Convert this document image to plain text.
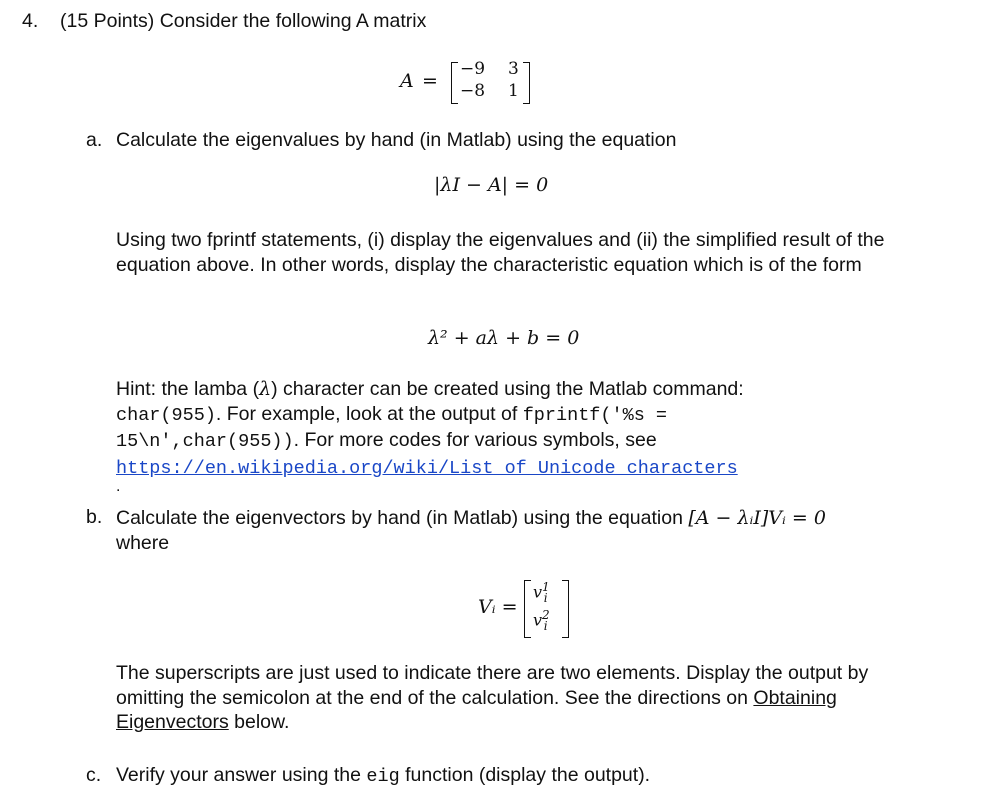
4. (15 Points) Consider the following A matrix
A =
−9 3
−8 1
a. Calculate the eigenvalues by hand (in Matlab) using the equation
|λI − A| = 0
Using two fprintf statements, (i) display the eigenvalues and (ii) the simplified result of the equation above. In other words, display the characteristic equation which is of the form
λ² + aλ + b = 0
Hint: the lamba (λ) character can be created using the Matlab command:
char(955). For example, look at the output of fprintf('%s =
15\n',char(955)). For more codes for various symbols, see
https://en.wikipedia.org/wiki/List_of_Unicode_characters
.
b. Calculate the eigenvectors by hand (in Matlab) using the equation [A − λᵢI]Vᵢ = 0
where
Vᵢ =
$v^1_i$
$v^2_i$
The superscripts are just used to indicate there are two elements. Display the output by omitting the semicolon at the end of the calculation. See the directions on Obtaining Eigenvectors below.
c. Verify your answer using the eig function (display the output).
